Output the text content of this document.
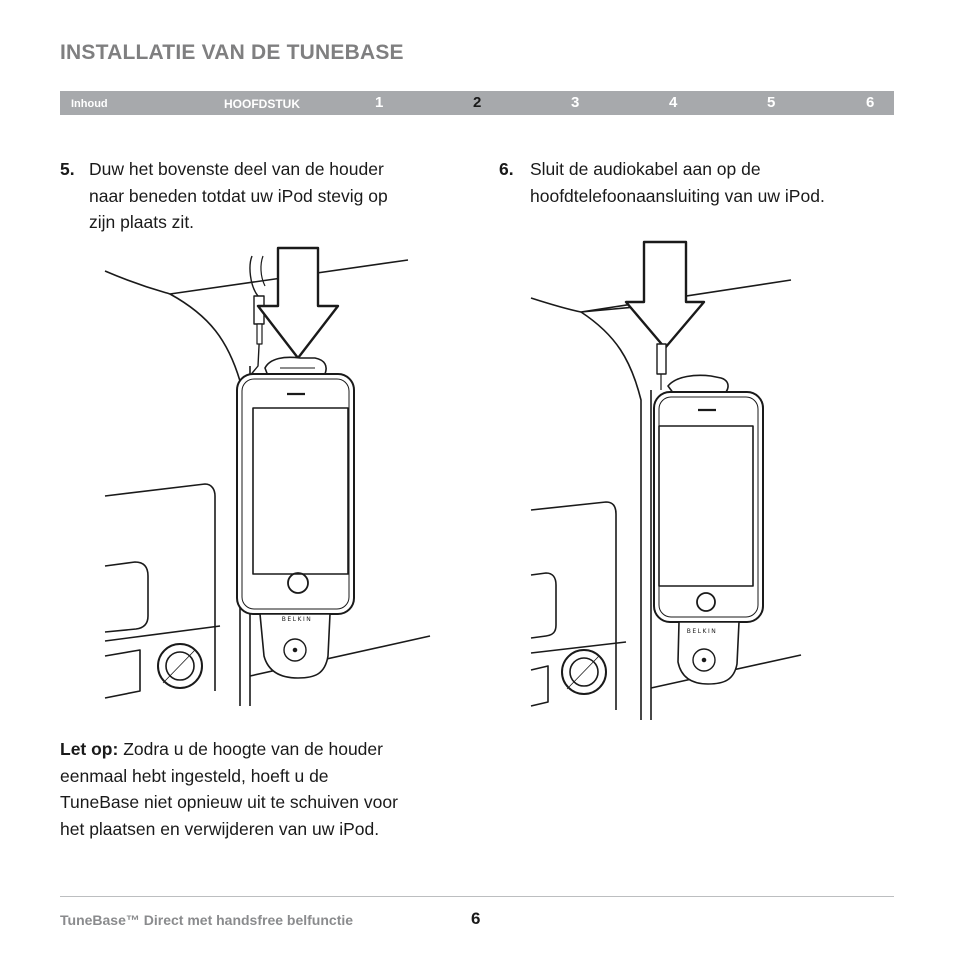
INSTALLATIE VAN DE TUNEBASE
Inhoud	HOOFDSTUK	1	2	3	4	5	6
5. Duw het bovenste deel van de houder
naar beneden totdat uw iPod stevig op
zijn plaats zit.
6. Sluit de audiokabel aan op de
hoofdtelefoonaansluiting van uw iPod.
BELKIN
BELKIN
Let op: Zodra u de hoogte van de houder
eenmaal hebt ingesteld, hoeft u de
TuneBase niet opnieuw uit te schuiven voor
het plaatsen en verwijderen van uw iPod.
TuneBase™ Direct met handsfree belfunctie	6
